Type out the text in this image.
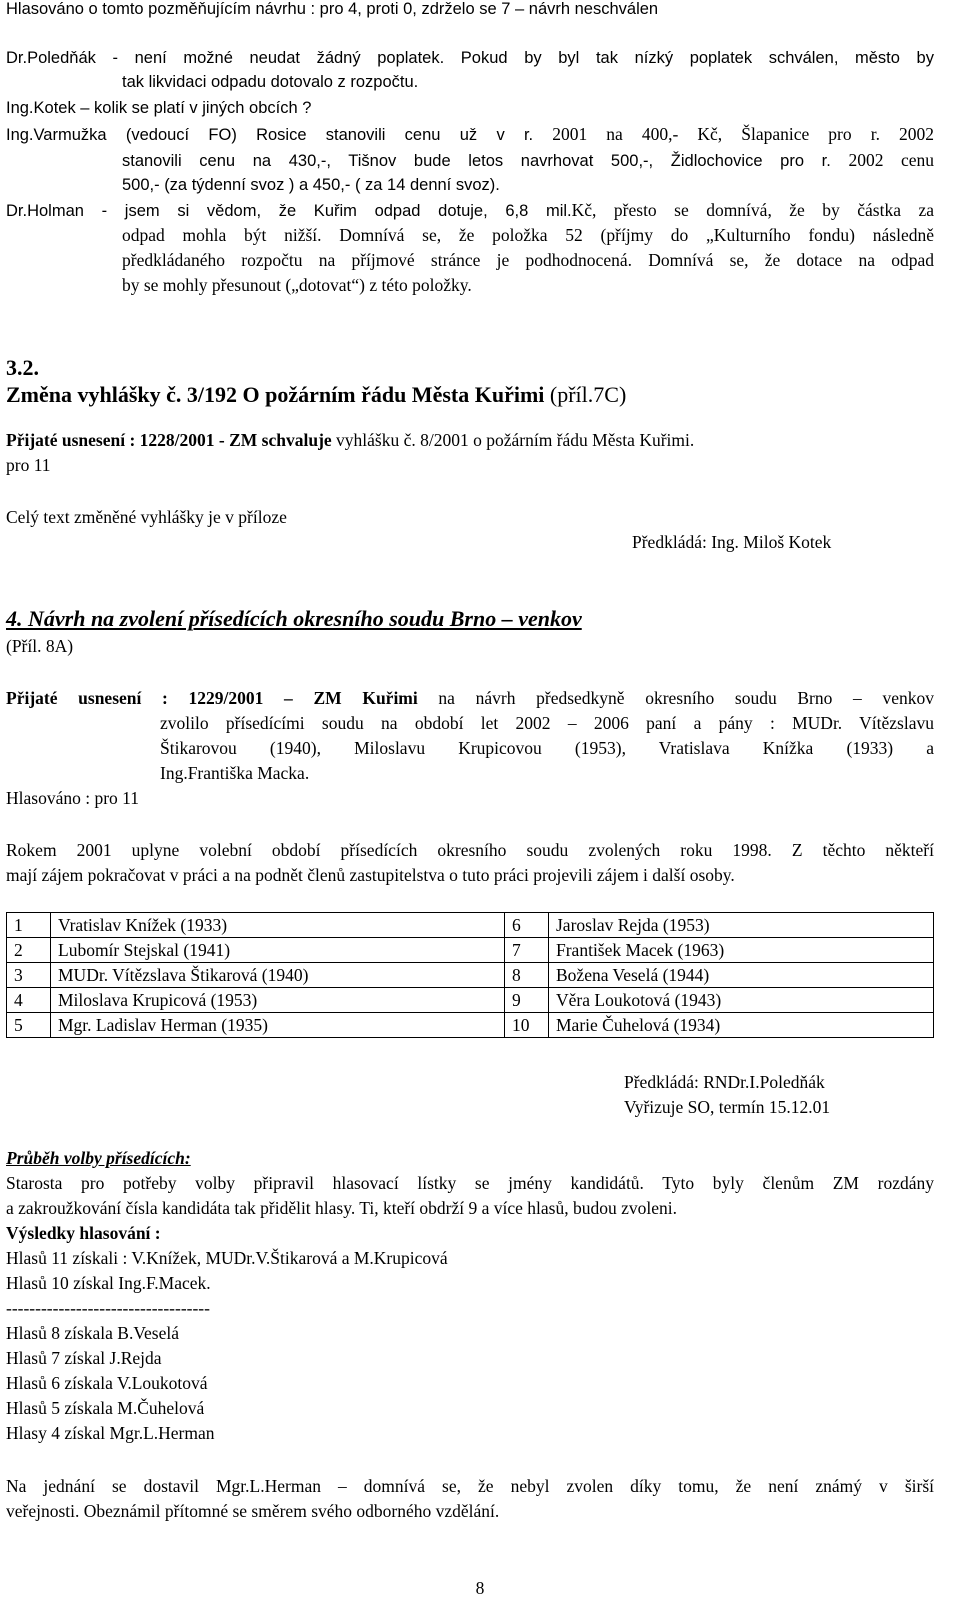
Hlasováno o tomto pozměňujícím návrhu : pro 4, proti 0, zdrželo se 7 – návrh neschválen
Dr.Poledňák - není možné neudat žádný poplatek. Pokud by byl tak nízký poplatek schválen, město by
tak likvidaci odpadu dotovalo z rozpočtu.
Ing.Kotek – kolik se platí v jiných obcích ?
Ing.Varmužka (vedoucí FO) Rosice stanovili cenu už v r. 2001 na 400,- Kč, Šlapanice pro r. 2002
stanovili cenu na 430,-, Tišnov bude letos navrhovat 500,-, Židlochovice pro r. 2002 cenu
500,- (za týdenní svoz ) a 450,- ( za 14 denní svoz).
Dr.Holman - jsem si vědom, že Kuřim odpad dotuje, 6,8 mil.Kč, přesto se domnívá, že by částka za
odpad mohla být nižší. Domnívá se, že položka 52 (příjmy do „Kulturního fondu) následně
předkládaného rozpočtu na příjmové stránce je podhodnocená. Domnívá se, že dotace na odpad
by se mohly přesunout („dotovat“) z této položky.
3.2.
Změna vyhlášky č. 3/192 O požárním řádu Města Kuřimi (příl.7C)
Přijaté usnesení : 1228/2001 - ZM schvaluje vyhlášku č. 8/2001 o požárním řádu Města Kuřimi.
pro 11
Celý text změněné vyhlášky je v příloze
Předkládá: Ing. Miloš Kotek
4. Návrh na zvolení přísedících okresního soudu Brno – venkov
(Příl. 8A)
Přijaté usnesení : 1229/2001 – ZM Kuřimi na návrh předsedkyně okresního soudu Brno – venkov
zvolilo přísedícími soudu na období let 2002 – 2006 paní a pány : MUDr. Vítězslavu
Štikarovou (1940), Miloslavu Krupicovou (1953), Vratislava Knížka (1933) a
Ing.Františka Macka.
Hlasováno : pro 11
Rokem 2001 uplyne volební období přísedících okresního soudu zvolených roku 1998. Z těchto někteří
mají zájem pokračovat v práci a na podnět členů zastupitelstva o tuto práci projevili zájem i další osoby.
1	Vratislav Knížek (1933)	6	Jaroslav Rejda (1953)
2	Lubomír Stejskal (1941)	7	František Macek (1963)
3	MUDr. Vítězslava Štikarová (1940)	8	Božena Veselá (1944)
4	Miloslava Krupicová (1953)	9	Věra Loukotová (1943)
5	Mgr. Ladislav Herman (1935)	10	Marie Čuhelová (1934)
Předkládá: RNDr.I.Poledňák
Vyřizuje SO, termín 15.12.01
Průběh volby přísedících:
Starosta pro potřeby volby připravil hlasovací lístky se jmény kandidátů. Tyto byly členům ZM rozdány
a zakroužkování čísla kandidáta tak přidělit hlasy. Ti, kteří obdrží 9 a více hlasů, budou zvoleni.
Výsledky hlasování :
Hlasů 11 získali : V.Knížek, MUDr.V.Štikarová a M.Krupicová
Hlasů 10 získal Ing.F.Macek.
-----------------------------------
Hlasů 8 získala B.Veselá
Hlasů 7 získal J.Rejda
Hlasů 6 získala V.Loukotová
Hlasů 5 získala M.Čuhelová
Hlasy 4 získal Mgr.L.Herman
Na jednání se dostavil Mgr.L.Herman – domnívá se, že nebyl zvolen díky tomu, že není známý v širší
veřejnosti. Obeznámil přítomné se směrem svého odborného vzdělání.
8
